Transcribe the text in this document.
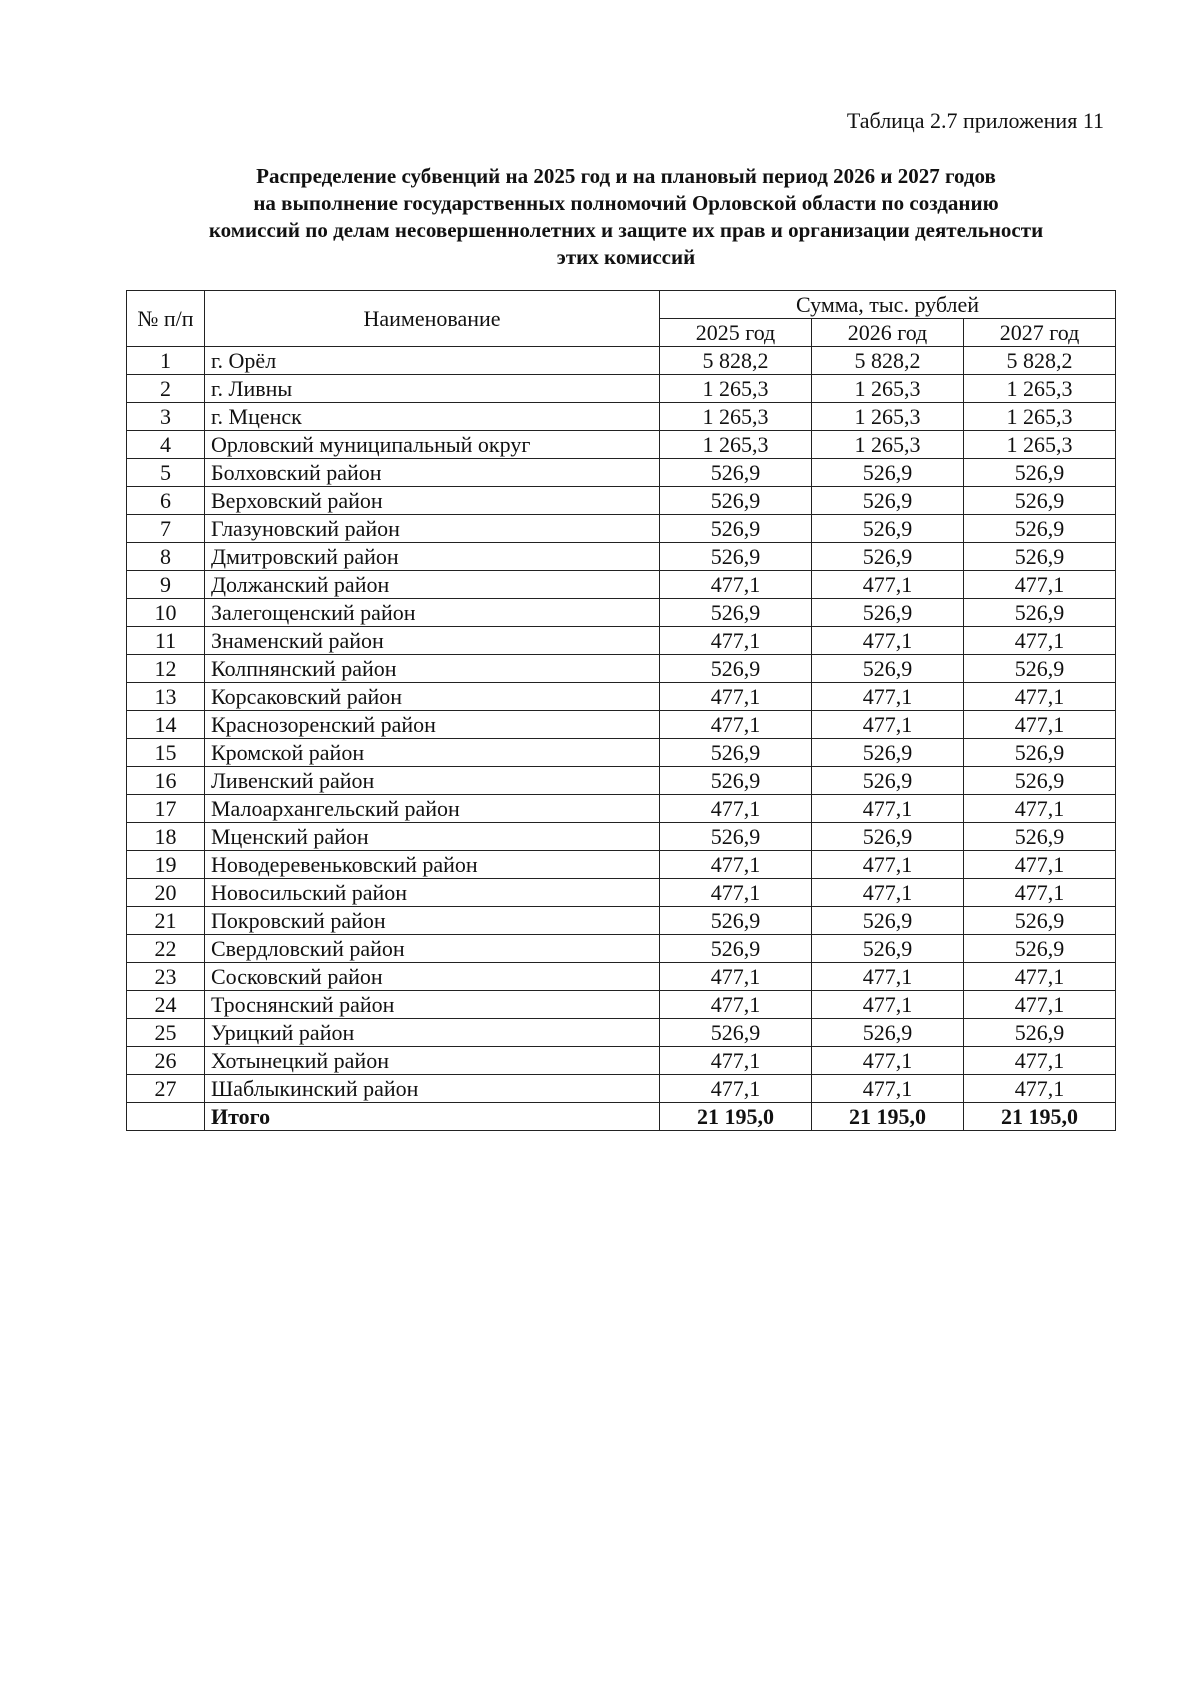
Таблица 2.7 приложения 11
Распределение субвенций на 2025 год и на плановый период 2026 и 2027 годов
на выполнение государственных полномочий Орловской области по созданию
комиссий по делам несовершеннолетних и защите их прав и организации деятельности
этих комиссий
№ п/п	Наименование	Сумма, тыс. рублей		
		2025 год	2026 год	2027 год
1	г. Орёл	5 828,2	5 828,2	5 828,2
2	г. Ливны	1 265,3	1 265,3	1 265,3
3	г. Мценск	1 265,3	1 265,3	1 265,3
4	Орловский муниципальный округ	1 265,3	1 265,3	1 265,3
5	Болховский район	526,9	526,9	526,9
6	Верховский район	526,9	526,9	526,9
7	Глазуновский район	526,9	526,9	526,9
8	Дмитровский район	526,9	526,9	526,9
9	Должанский район	477,1	477,1	477,1
10	Залегощенский район	526,9	526,9	526,9
11	Знаменский район	477,1	477,1	477,1
12	Колпнянский район	526,9	526,9	526,9
13	Корсаковский район	477,1	477,1	477,1
14	Краснозоренский район	477,1	477,1	477,1
15	Кромской район	526,9	526,9	526,9
16	Ливенский район	526,9	526,9	526,9
17	Малоархангельский район	477,1	477,1	477,1
18	Мценский район	526,9	526,9	526,9
19	Новодеревеньковский район	477,1	477,1	477,1
20	Новосильский район	477,1	477,1	477,1
21	Покровский район	526,9	526,9	526,9
22	Свердловский район	526,9	526,9	526,9
23	Сосковский район	477,1	477,1	477,1
24	Троснянский район	477,1	477,1	477,1
25	Урицкий район	526,9	526,9	526,9
26	Хотынецкий район	477,1	477,1	477,1
27	Шаблыкинский район	477,1	477,1	477,1
	Итого	21 195,0	21 195,0	21 195,0
